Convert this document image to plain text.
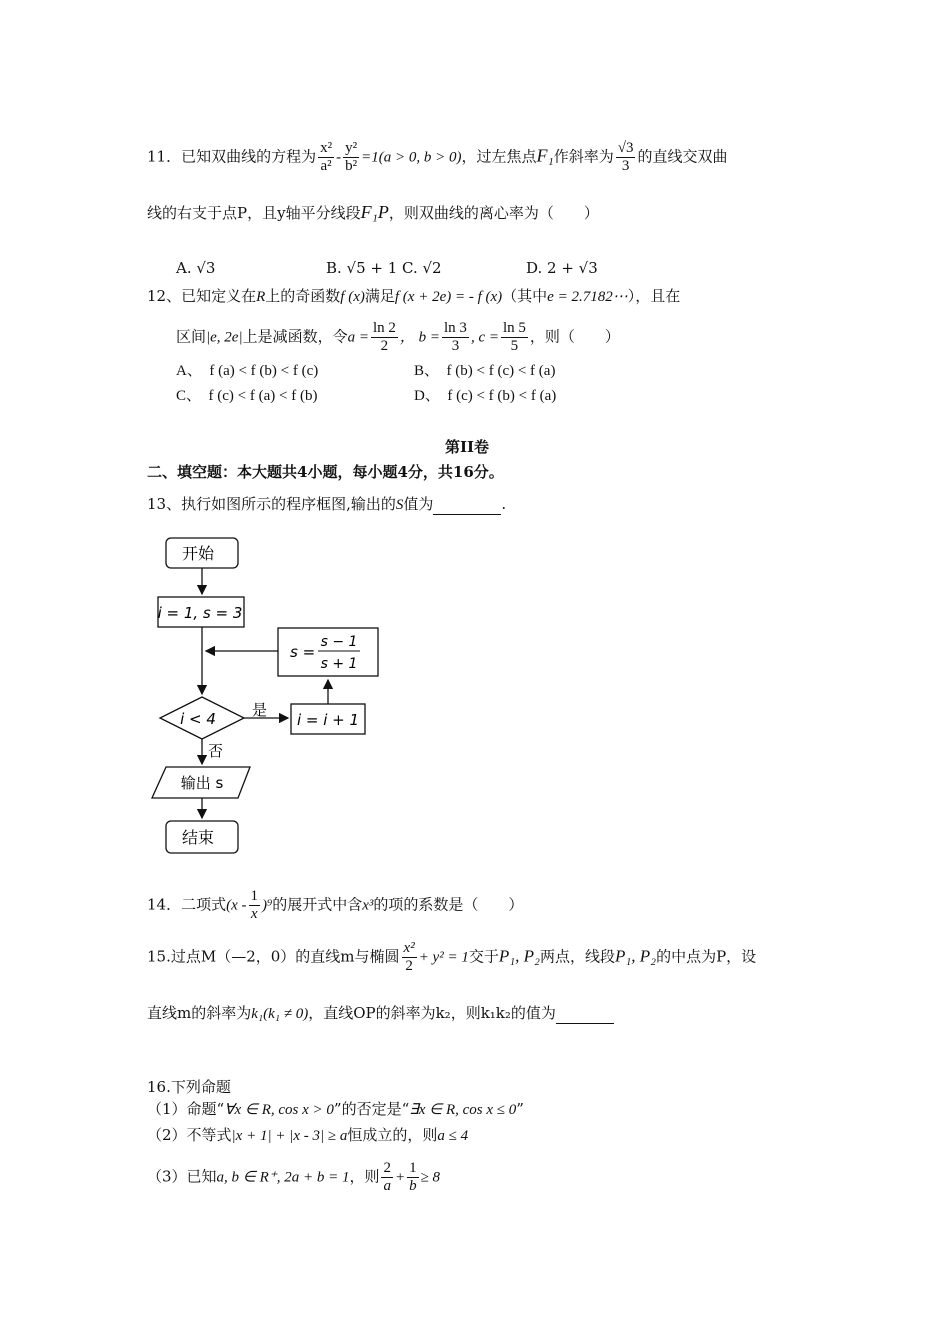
11．已知双曲线的方程为 $\frac{\text{x²}}{\text{a²}} - \frac{\text{y²}}{\text{b²}} =1(a > 0$, b > 0)，过左焦点F₁作斜率为 $\frac{√3}{3}$ 的直线交双曲
线的右支于点P，且y轴平分线段F₁P，则双曲线的离心率为（　　）
A. √3	B. √5 + 1 C. √2	D. 2 + √3
12、已知定义在R上的奇函数f (x)满足f (x + 2e) = - f (x)（其中e = 2.7182⋯），且在
区间|e, 2e|上是减函数，令$a = \frac{\ln 2}{2}$ ， $b = \frac{\ln 3}{3}$ , $c = \frac{\ln 5}{5}$ ，则（　　）
A、　f (a) < f (b) < f (c)	B、　f (b) < f (c) < f (a)
C、　f (c) < f (a) < f (b)	D、　f (c) < f (b) < f (a)
第II卷
二、填空题：本大题共4小题，每小题4分，共16分。
13、执行如图所示的程序框图,输出的S值为	.
开始
i = 1, s = 3
s =
s − 1
s + 1
i < 4 是
i = i + 1
否
输出 s
结束
14．二项式$(x - \frac{1}{x} )^9$的展开式中含x³的项的系数是（　　）
15.过点M（—2，0）的直线m与椭圆 $\frac{\text{x²}}{2} + y^2 = 1$交于P₁, P₂两点，线段P₁, P₂的中点为P，设
直线m的斜率为k₁(k₁ ≠ 0)，直线OP的斜率为k₂，则k₁k₂的值为
16.下列命题
（1）命题“∀x ∈ R, cos x > 0”的否定是“∃x ∈ R, cos x ≤ 0”
（2）不等式|x + 1| + |x - 3| ≥ a恒成立的，则a ≤ 4
（3）已知a, b ∈ R⁺, 2a + b = 1，则 $\frac{2}{a} + \frac{1}{b} \ge 8$
